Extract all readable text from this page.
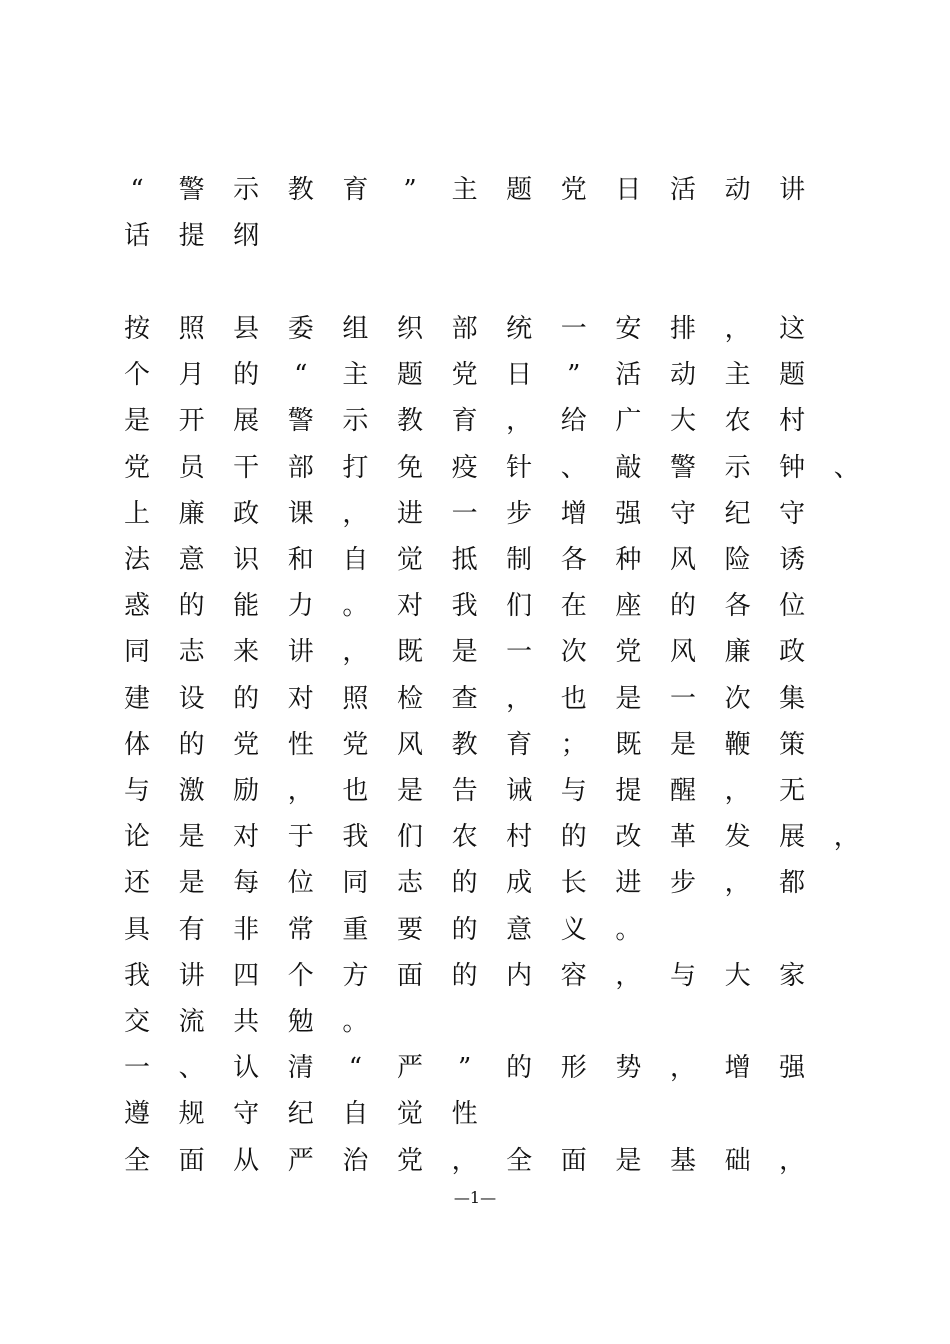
“	警 示 教 育	”	主 题 党 日 活 动 讲
话 提 纲
按 照 县 委 组 织 部 统 一 安 排 ， 这
个 月 的	“	主 题 党 日	”	活 动 主 题
是 开 展 警 示 教 育 ， 给 广 大 农 村
党 员 干 部 打 免 疫 针 、 敲 警 示 钟 、
上 廉 政 课 ， 进 一 步 增 强 守 纪 守
法 意 识 和 自 觉 抵 制 各 种 风 险 诱
惑 的 能 力 。 对 我 们 在 座 的 各 位
同 志 来 讲 ， 既 是 一 次 党 风 廉 政
建 设 的 对 照 检 查 ， 也 是 一 次 集
体 的 党 性 党 风 教 育 ； 既 是 鞭 策
与 激 励 ， 也 是 告 诫 与 提 醒 ， 无
论 是 对 于 我 们 农 村 的 改 革 发 展 ，
还 是 每 位 同 志 的 成 长 进 步 ， 都
具 有 非 常 重 要 的 意 义 。
我 讲 四 个 方 面 的 内 容 ， 与 大 家
交 流 共 勉 。
一 、 认 清	“	严	”	的 形 势 ， 增 强
遵 规 守 纪 自 觉 性
全 面 从 严 治 党 ， 全 面 是 基 础 ，
—1—
